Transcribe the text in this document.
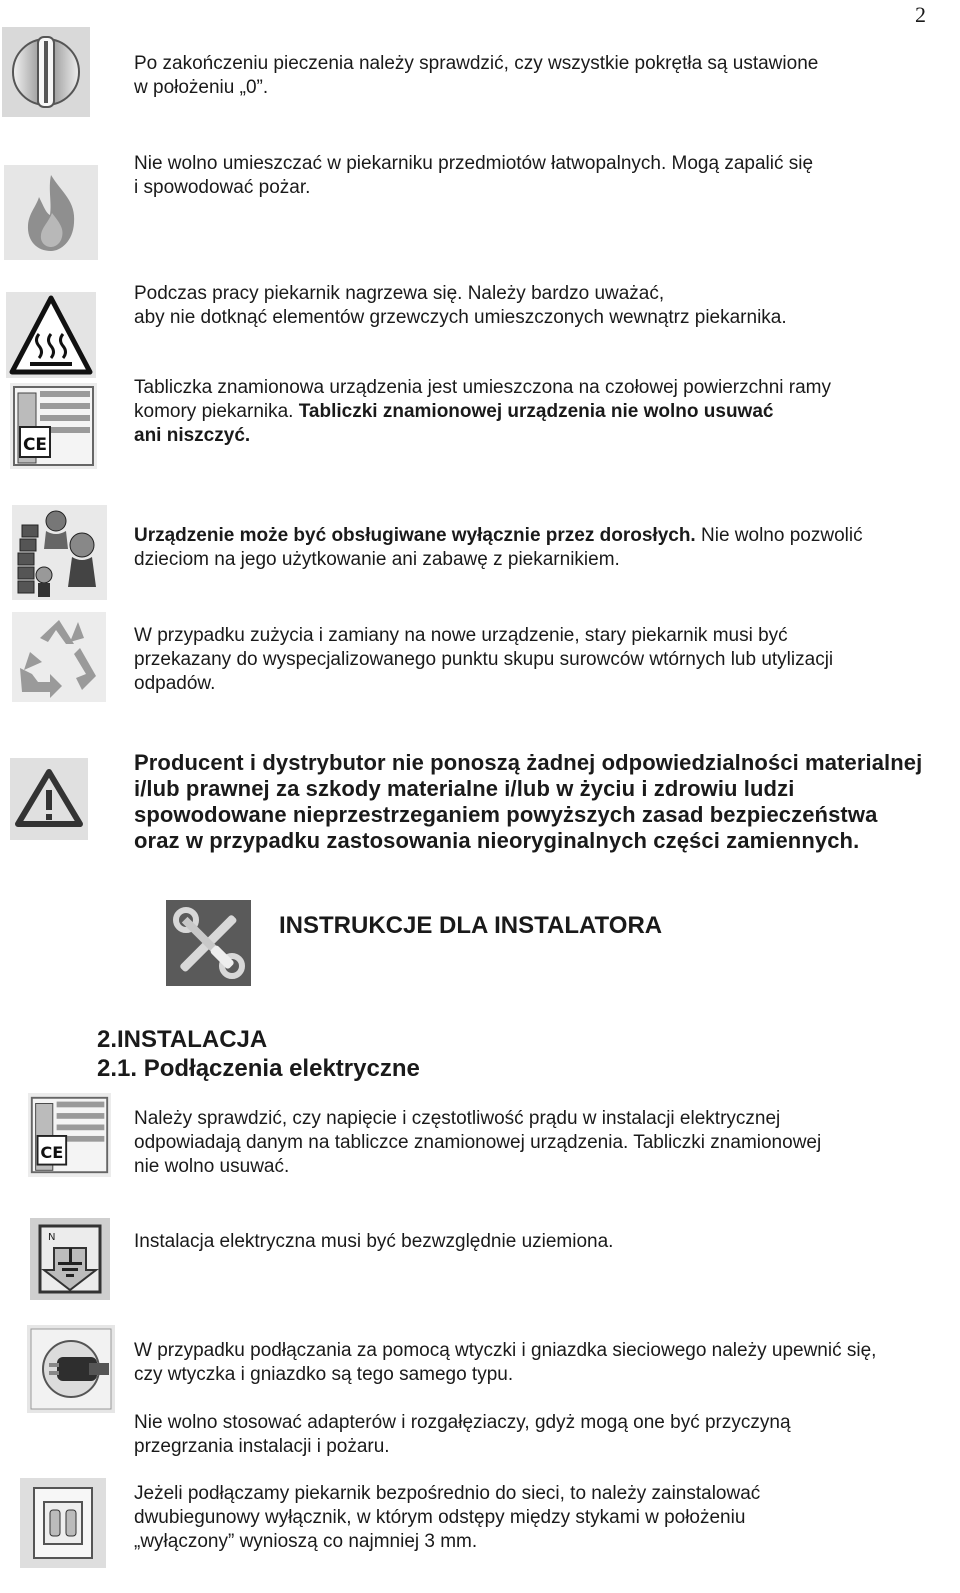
2

Po zakończeniu pieczenia należy sprawdzić, czy wszystkie pokrętła są ustawione
w położeniu „0”.

Nie wolno umieszczać w piekarniku przedmiotów łatwopalnych. Mogą zapalić się
i spowodować pożar.

Podczas pracy piekarnik nagrzewa się. Należy bardzo uważać,
aby nie dotknąć elementów grzewczych umieszczonych wewnątrz piekarnika.

CE

Tabliczka znamionowa urządzenia jest umieszczona na czołowej powierzchni ramy
komory piekarnika. Tabliczki znamionowej urządzenia nie wolno usuwać
ani niszczyć.

Urządzenie może być obsługiwane wyłącznie przez dorosłych. Nie wolno pozwolić
dzieciom na jego użytkowanie ani zabawę z piekarnikiem.

W przypadku zużycia i zamiany na nowe urządzenie, stary piekarnik musi być
przekazany do wyspecjalizowanego punktu skupu surowców wtórnych lub utylizacji
odpadów.

Producent i dystrybutor nie ponoszą żadnej odpowiedzialności materialnej
i/lub prawnej za szkody materialne i/lub w życiu i zdrowiu ludzi
spowodowane nieprzestrzeganiem powyższych zasad bezpieczeństwa
oraz w przypadku zastosowania nieoryginalnych części zamiennych.

INSTRUKCJE DLA INSTALATORA
2.INSTALACJA
2.1. Podłączenia elektryczne
CE

Należy sprawdzić, czy napięcie i częstotliwość prądu w instalacji elektrycznej
odpowiadają danym na tabliczce znamionowej urządzenia. Tabliczki znamionowej
nie wolno usuwać.

N	Instalacja elektryczna musi być bezwzględnie uziemiona.

W przypadku podłączania za pomocą wtyczki i gniazdka sieciowego należy upewnić się,
czy wtyczka i gniazdko są tego samego typu.

Nie wolno stosować adapterów i rozgałęziaczy, gdyż mogą one być przyczyną
przegrzania instalacji i pożaru.

Jeżeli podłączamy piekarnik bezpośrednio do sieci, to należy zainstalować
dwubiegunowy wyłącznik, w którym odstępy między stykami w położeniu
„wyłączony” wynioszą co najmniej 3 mm.
